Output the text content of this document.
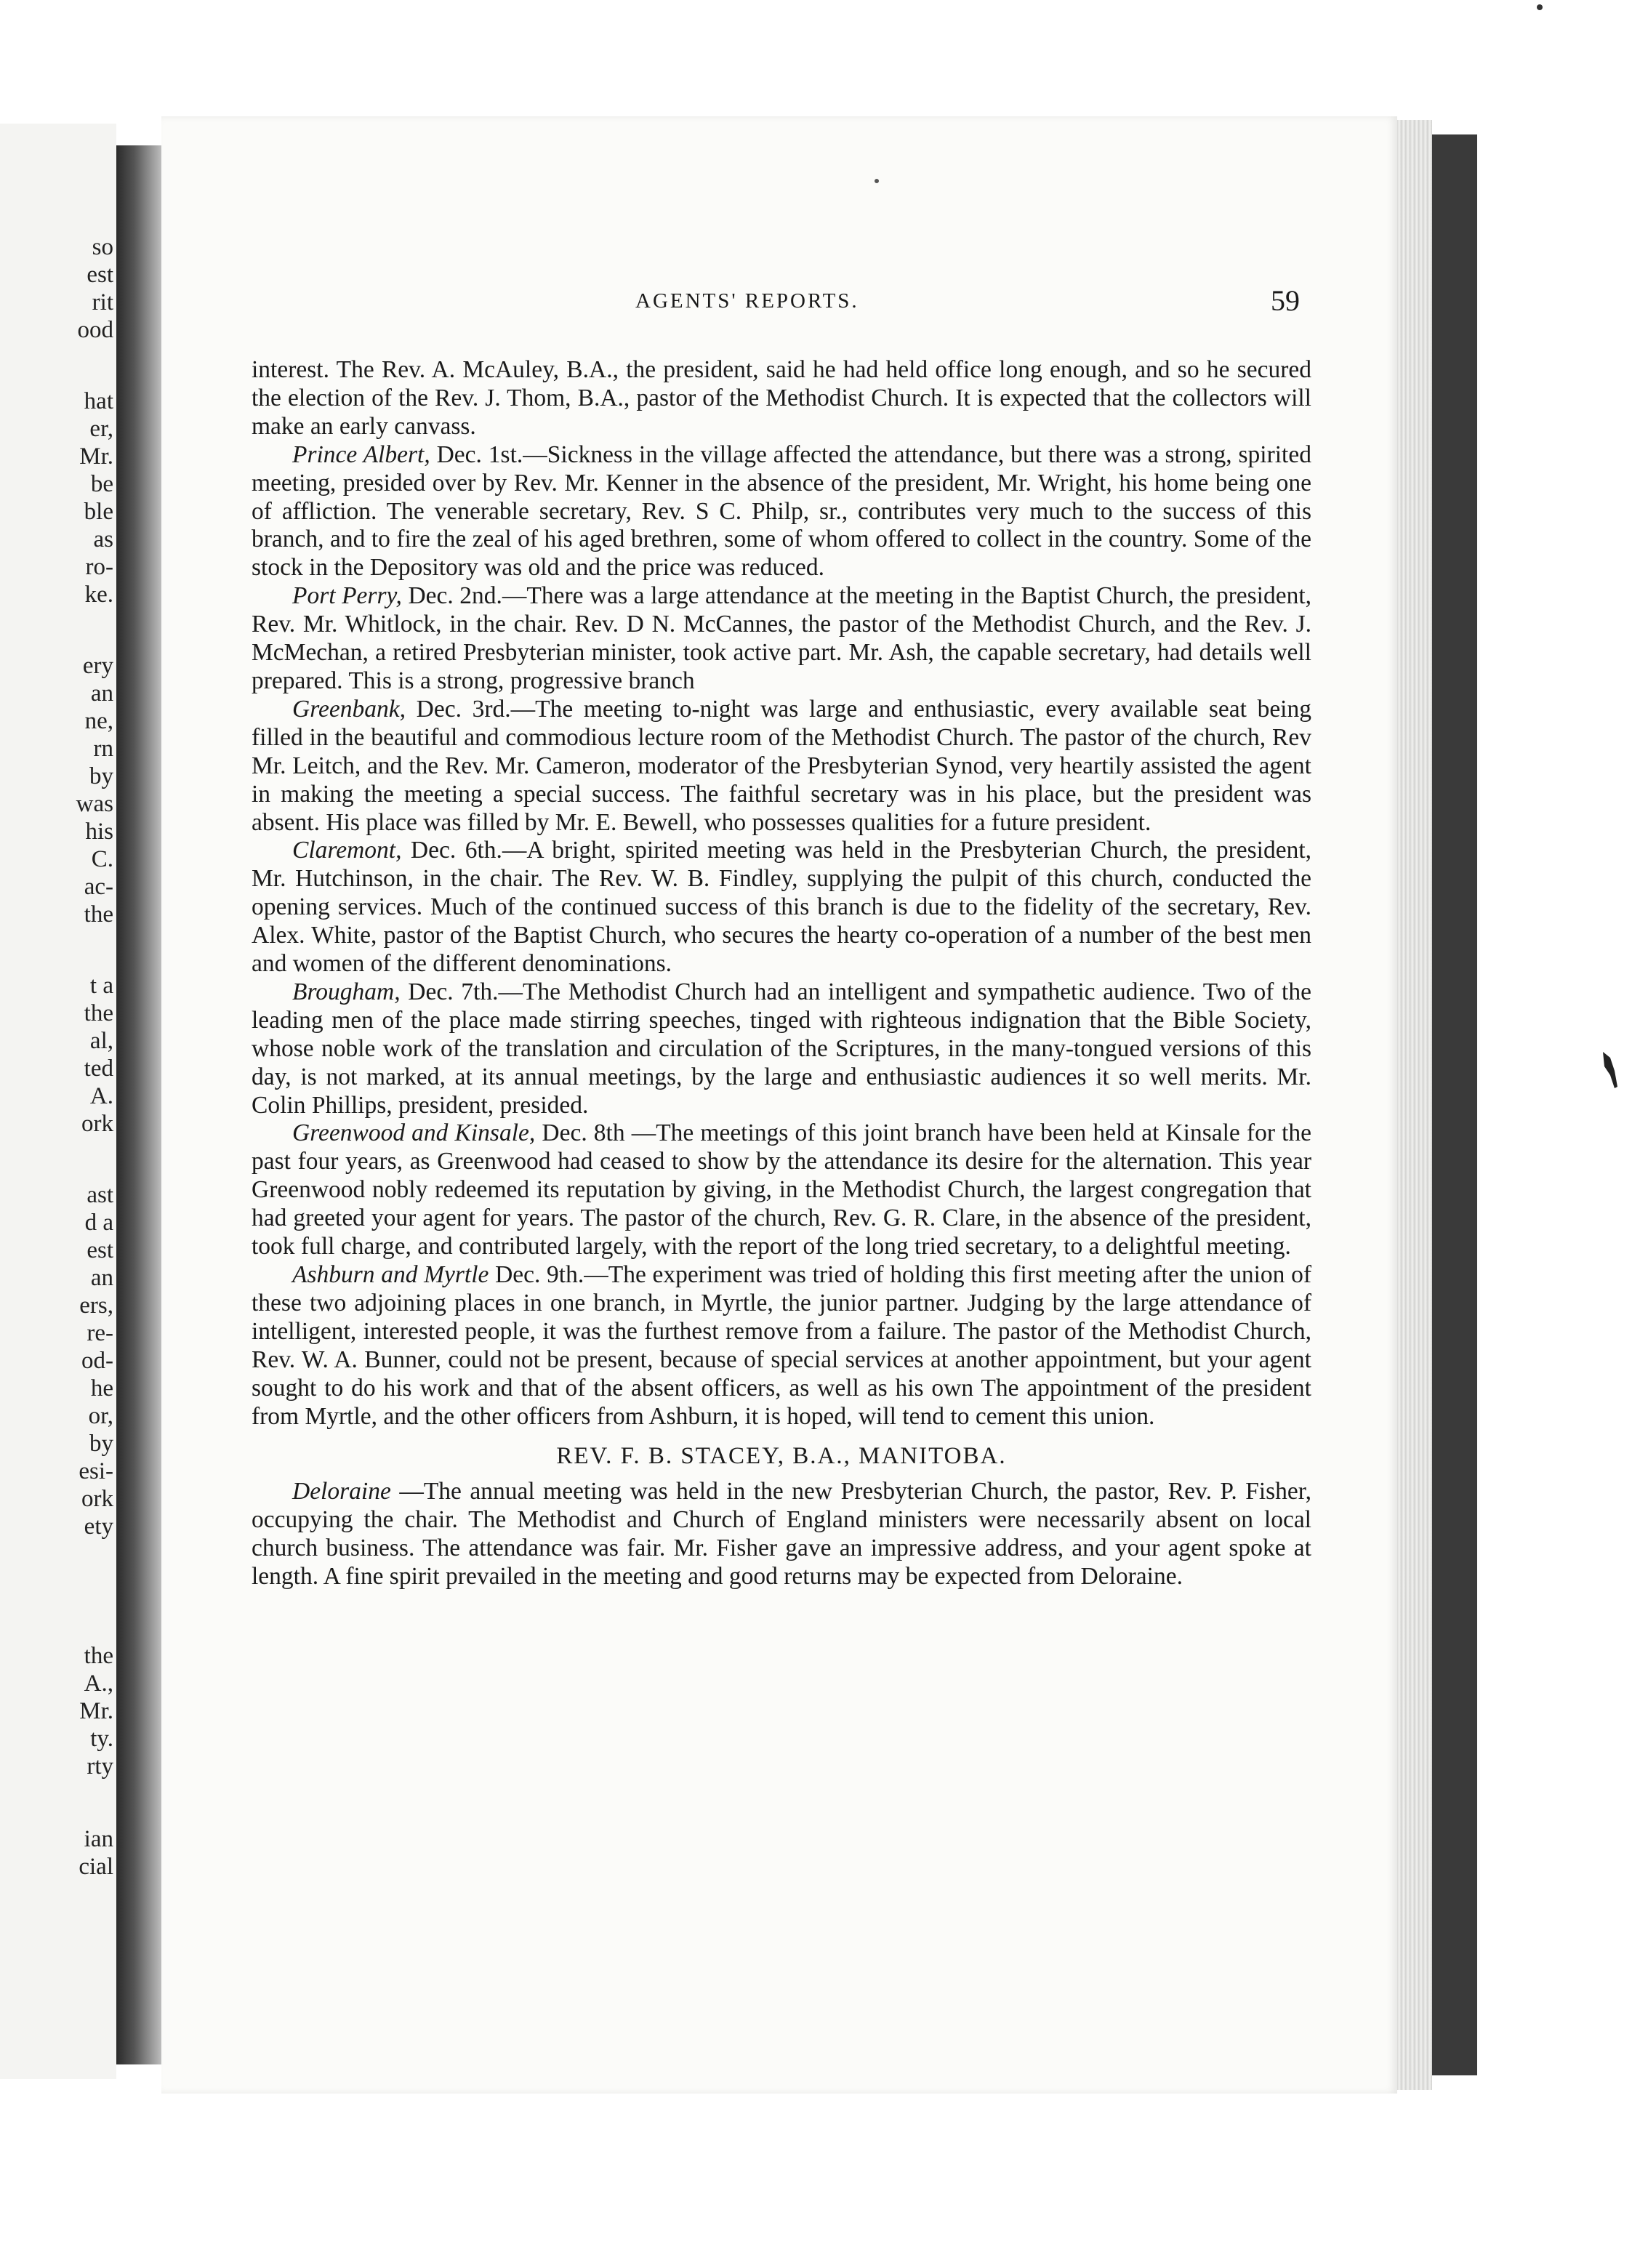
so
est
rit
ood
hat
er,
Mr.
be
ble
as
ro-
ke.
ery
an
ne,
rn
by
was
his
C.
ac-
the
t a
the
al,
ted
A.
ork
ast
d a
est
an
ers,
re-
od-
he
or,
by
esi-
ork
ety
the
A.,
Mr.
ty.
rty
ian
cial
AGENTS' REPORTS.	59

interest. The Rev. A. McAuley, B.A., the president, said he had held office long enough, and so he secured the election of the Rev. J. Thom, B.A., pastor of the Methodist Church. It is expected that the collectors will make an early canvass.

Prince Albert, Dec. 1st.—Sickness in the village affected the attendance, but there was a strong, spirited meeting, presided over by Rev. Mr. Kenner in the absence of the president, Mr. Wright, his home being one of affliction. The venerable secretary, Rev. S C. Philp, sr., contributes very much to the success of this branch, and to fire the zeal of his aged brethren, some of whom offered to collect in the country. Some of the stock in the Depository was old and the price was reduced.

Port Perry, Dec. 2nd.—There was a large attendance at the meeting in the Baptist Church, the president, Rev. Mr. Whitlock, in the chair. Rev. D N. McCannes, the pastor of the Methodist Church, and the Rev. J. McMechan, a retired Presbyterian minister, took active part. Mr. Ash, the capable secretary, had details well prepared. This is a strong, progressive branch

Greenbank, Dec. 3rd.—The meeting to-night was large and enthusiastic, every available seat being filled in the beautiful and commodious lecture room of the Methodist Church. The pastor of the church, Rev Mr. Leitch, and the Rev. Mr. Cameron, moderator of the Presbyterian Synod, very heartily assisted the agent in making the meeting a special success. The faithful secretary was in his place, but the president was absent. His place was filled by Mr. E. Bewell, who possesses qualities for a future president.

Claremont, Dec. 6th.—A bright, spirited meeting was held in the Presbyterian Church, the president, Mr. Hutchinson, in the chair. The Rev. W. B. Findley, supplying the pulpit of this church, conducted the opening services. Much of the continued success of this branch is due to the fidelity of the secretary, Rev. Alex. White, pastor of the Baptist Church, who secures the hearty co-operation of a number of the best men and women of the different denominations.

Brougham, Dec. 7th.—The Methodist Church had an intelligent and sympathetic audience. Two of the leading men of the place made stirring speeches, tinged with righteous indignation that the Bible Society, whose noble work of the translation and circulation of the Scriptures, in the many-tongued versions of this day, is not marked, at its annual meetings, by the large and enthusiastic audiences it so well merits. Mr. Colin Phillips, president, presided.

Greenwood and Kinsale, Dec. 8th —The meetings of this joint branch have been held at Kinsale for the past four years, as Greenwood had ceased to show by the attendance its desire for the alternation. This year Greenwood nobly redeemed its reputation by giving, in the Methodist Church, the largest congregation that had greeted your agent for years. The pastor of the church, Rev. G. R. Clare, in the absence of the president, took full charge, and contributed largely, with the report of the long tried secretary, to a delightful meeting.

Ashburn and Myrtle Dec. 9th.—The experiment was tried of holding this first meeting after the union of these two adjoining places in one branch, in Myrtle, the junior partner. Judging by the large attendance of intelligent, interested people, it was the furthest remove from a failure. The pastor of the Methodist Church, Rev. W. A. Bunner, could not be present, because of special services at another appointment, but your agent sought to do his work and that of the absent officers, as well as his own The appointment of the president from Myrtle, and the other officers from Ashburn, it is hoped, will tend to cement this union.

REV. F. B. STACEY, B.A., MANITOBA.

Deloraine —The annual meeting was held in the new Presbyterian Church, the pastor, Rev. P. Fisher, occupying the chair. The Methodist and Church of England ministers were necessarily absent on local church business. The attendance was fair. Mr. Fisher gave an impressive address, and your agent spoke at length. A fine spirit prevailed in the meeting and good returns may be expected from Deloraine.
